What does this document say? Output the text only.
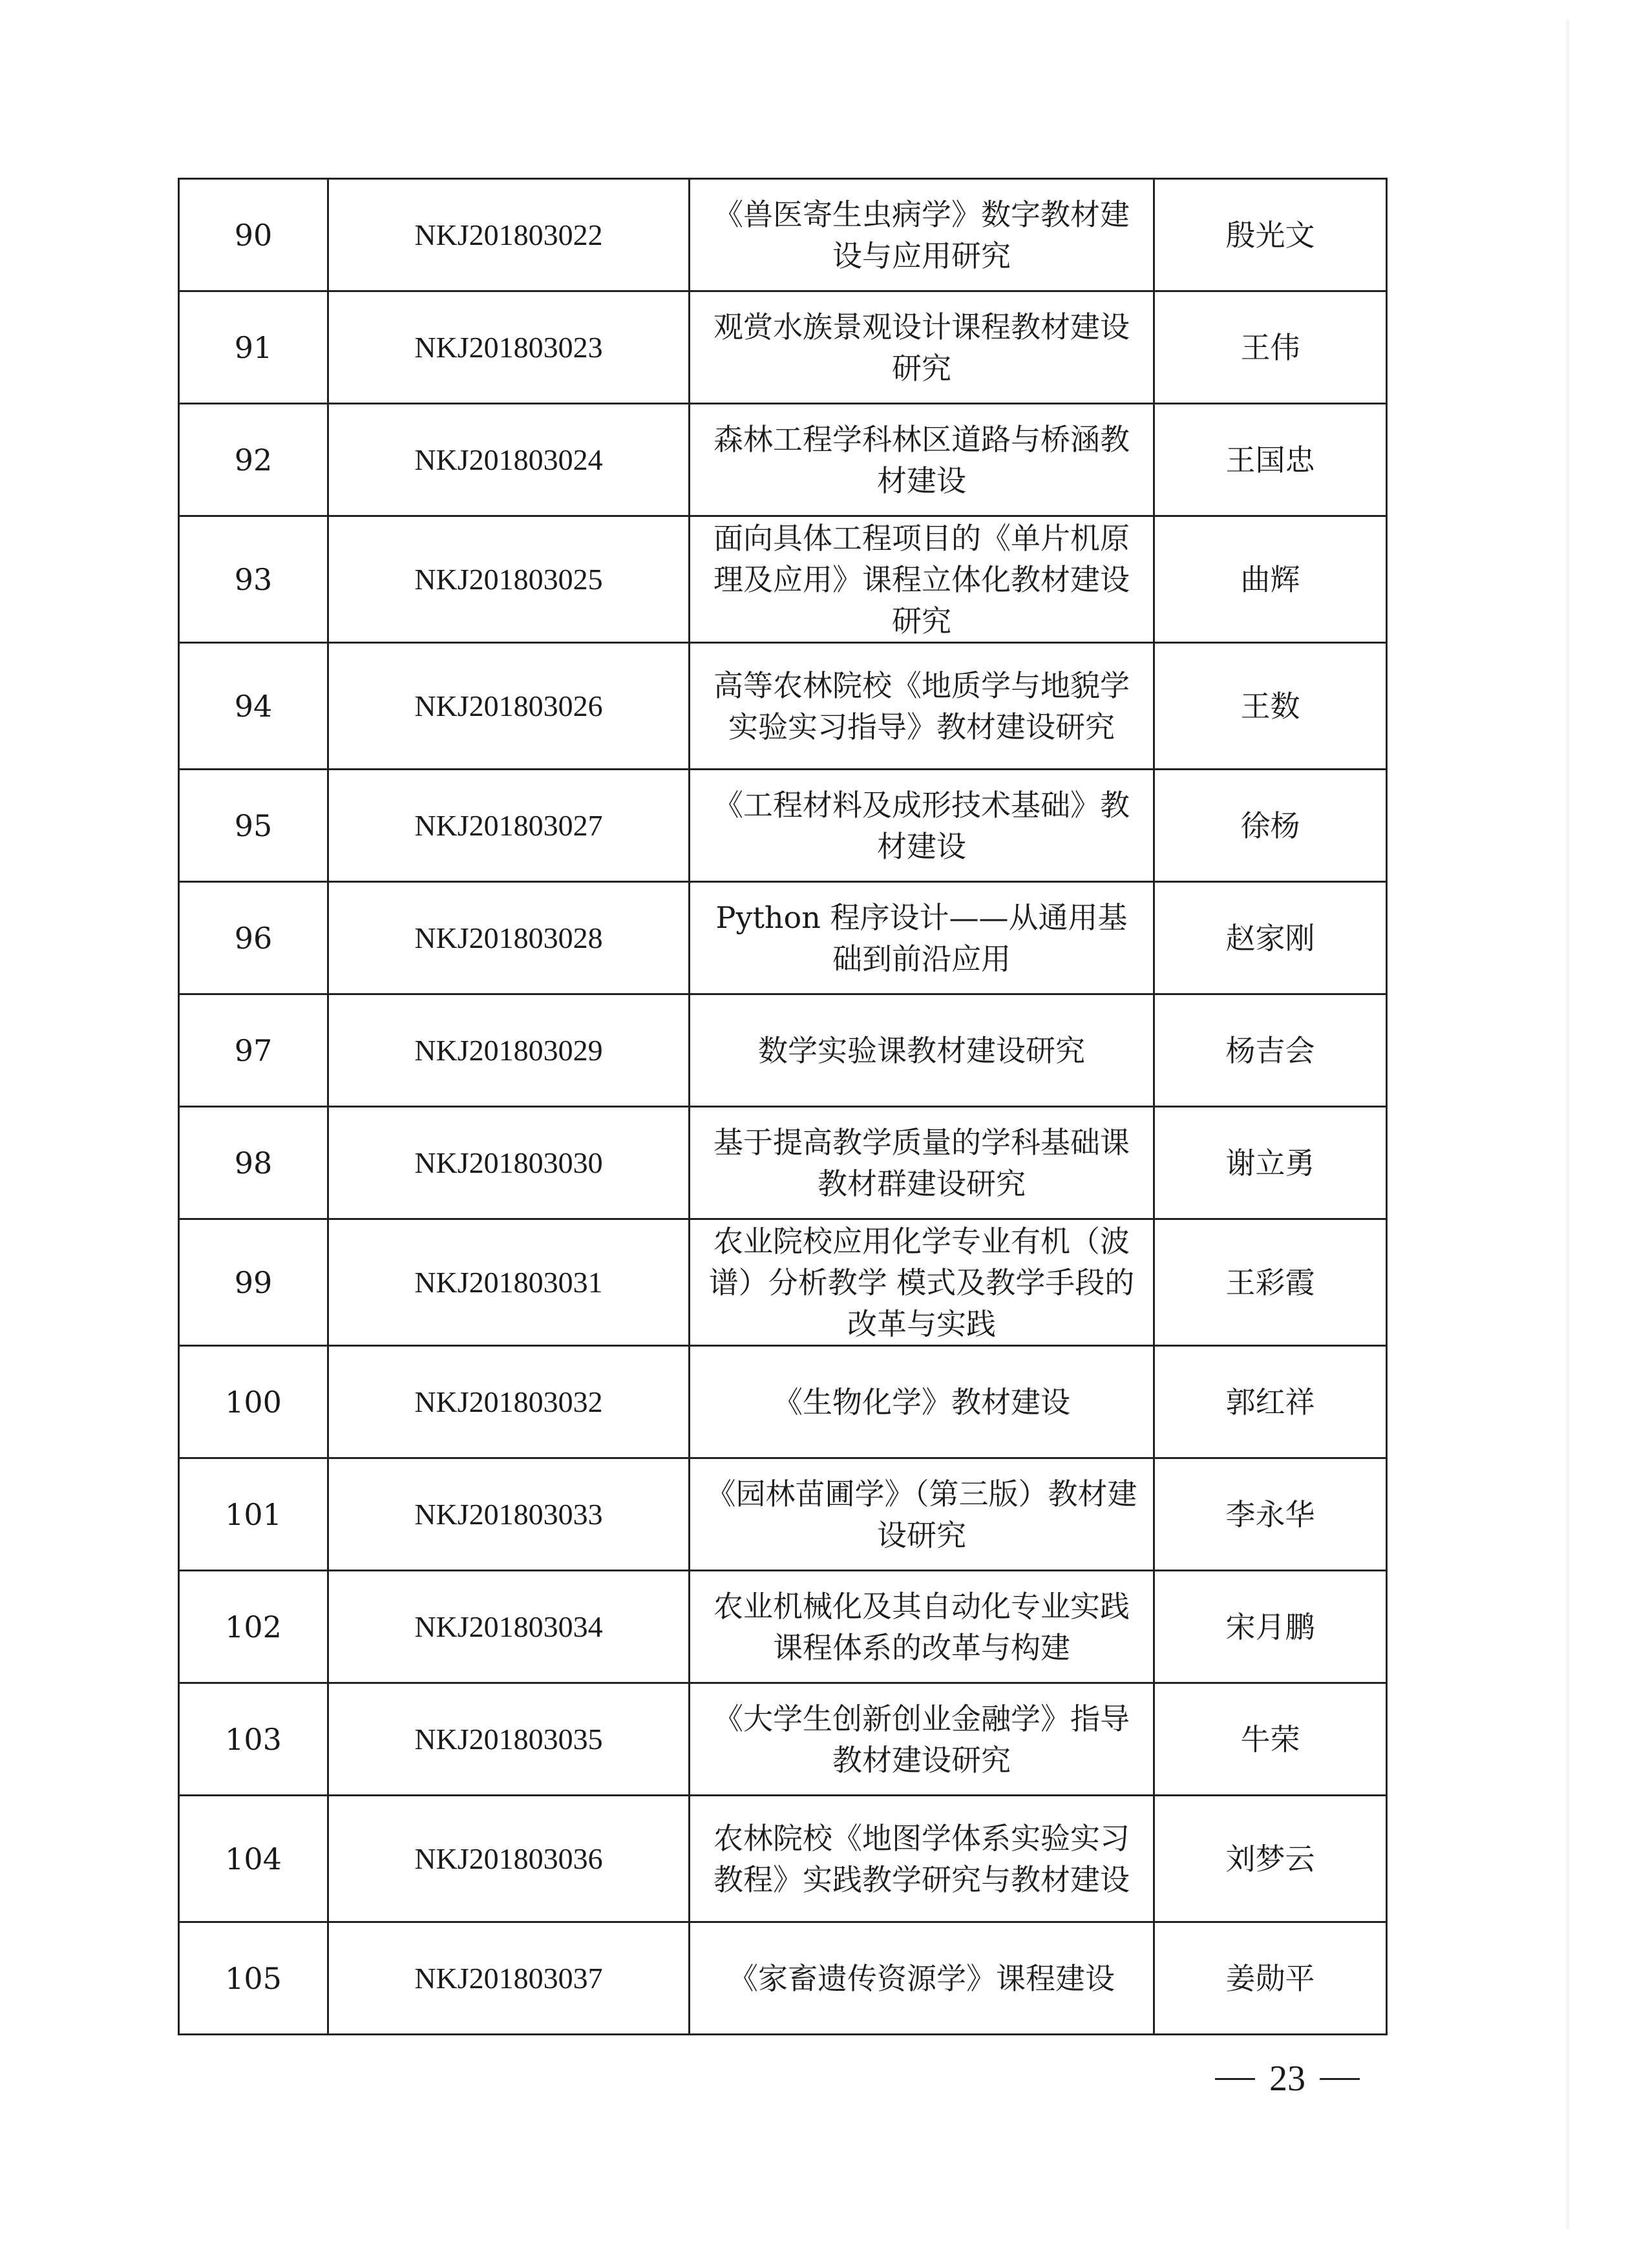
90	NKJ201803022	《兽医寄生虫病学》数字教材建设与应用研究	殷光文
91	NKJ201803023	观赏水族景观设计课程教材建设研究	王伟
92	NKJ201803024	森林工程学科林区道路与桥涵教材建设	王国忠
93	NKJ201803025	面向具体工程项目的《单片机原理及应用》课程立体化教材建设研究	曲辉
94	NKJ201803026	高等农林院校《地质学与地貌学实验实习指导》教材建设研究	王数
95	NKJ201803027	《工程材料及成形技术基础》教材建设	徐杨
96	NKJ201803028	Python 程序设计——从通用基础到前沿应用	赵家刚
97	NKJ201803029	数学实验课教材建设研究	杨吉会
98	NKJ201803030	基于提高教学质量的学科基础课教材群建设研究	谢立勇
99	NKJ201803031	农业院校应用化学专业有机（波谱）分析教学 模式及教学手段的改革与实践	王彩霞
100	NKJ201803032	《生物化学》教材建设	郭红祥
101	NKJ201803033	《园林苗圃学》（第三版）教材建设研究	李永华
102	NKJ201803034	农业机械化及其自动化专业实践课程体系的改革与构建	宋月鹏
103	NKJ201803035	《大学生创新创业金融学》指导教材建设研究	牛荣
104	NKJ201803036	农林院校《地图学体系实验实习教程》实践教学研究与教材建设	刘梦云
105	NKJ201803037	《家畜遗传资源学》课程建设	姜勋平
23
